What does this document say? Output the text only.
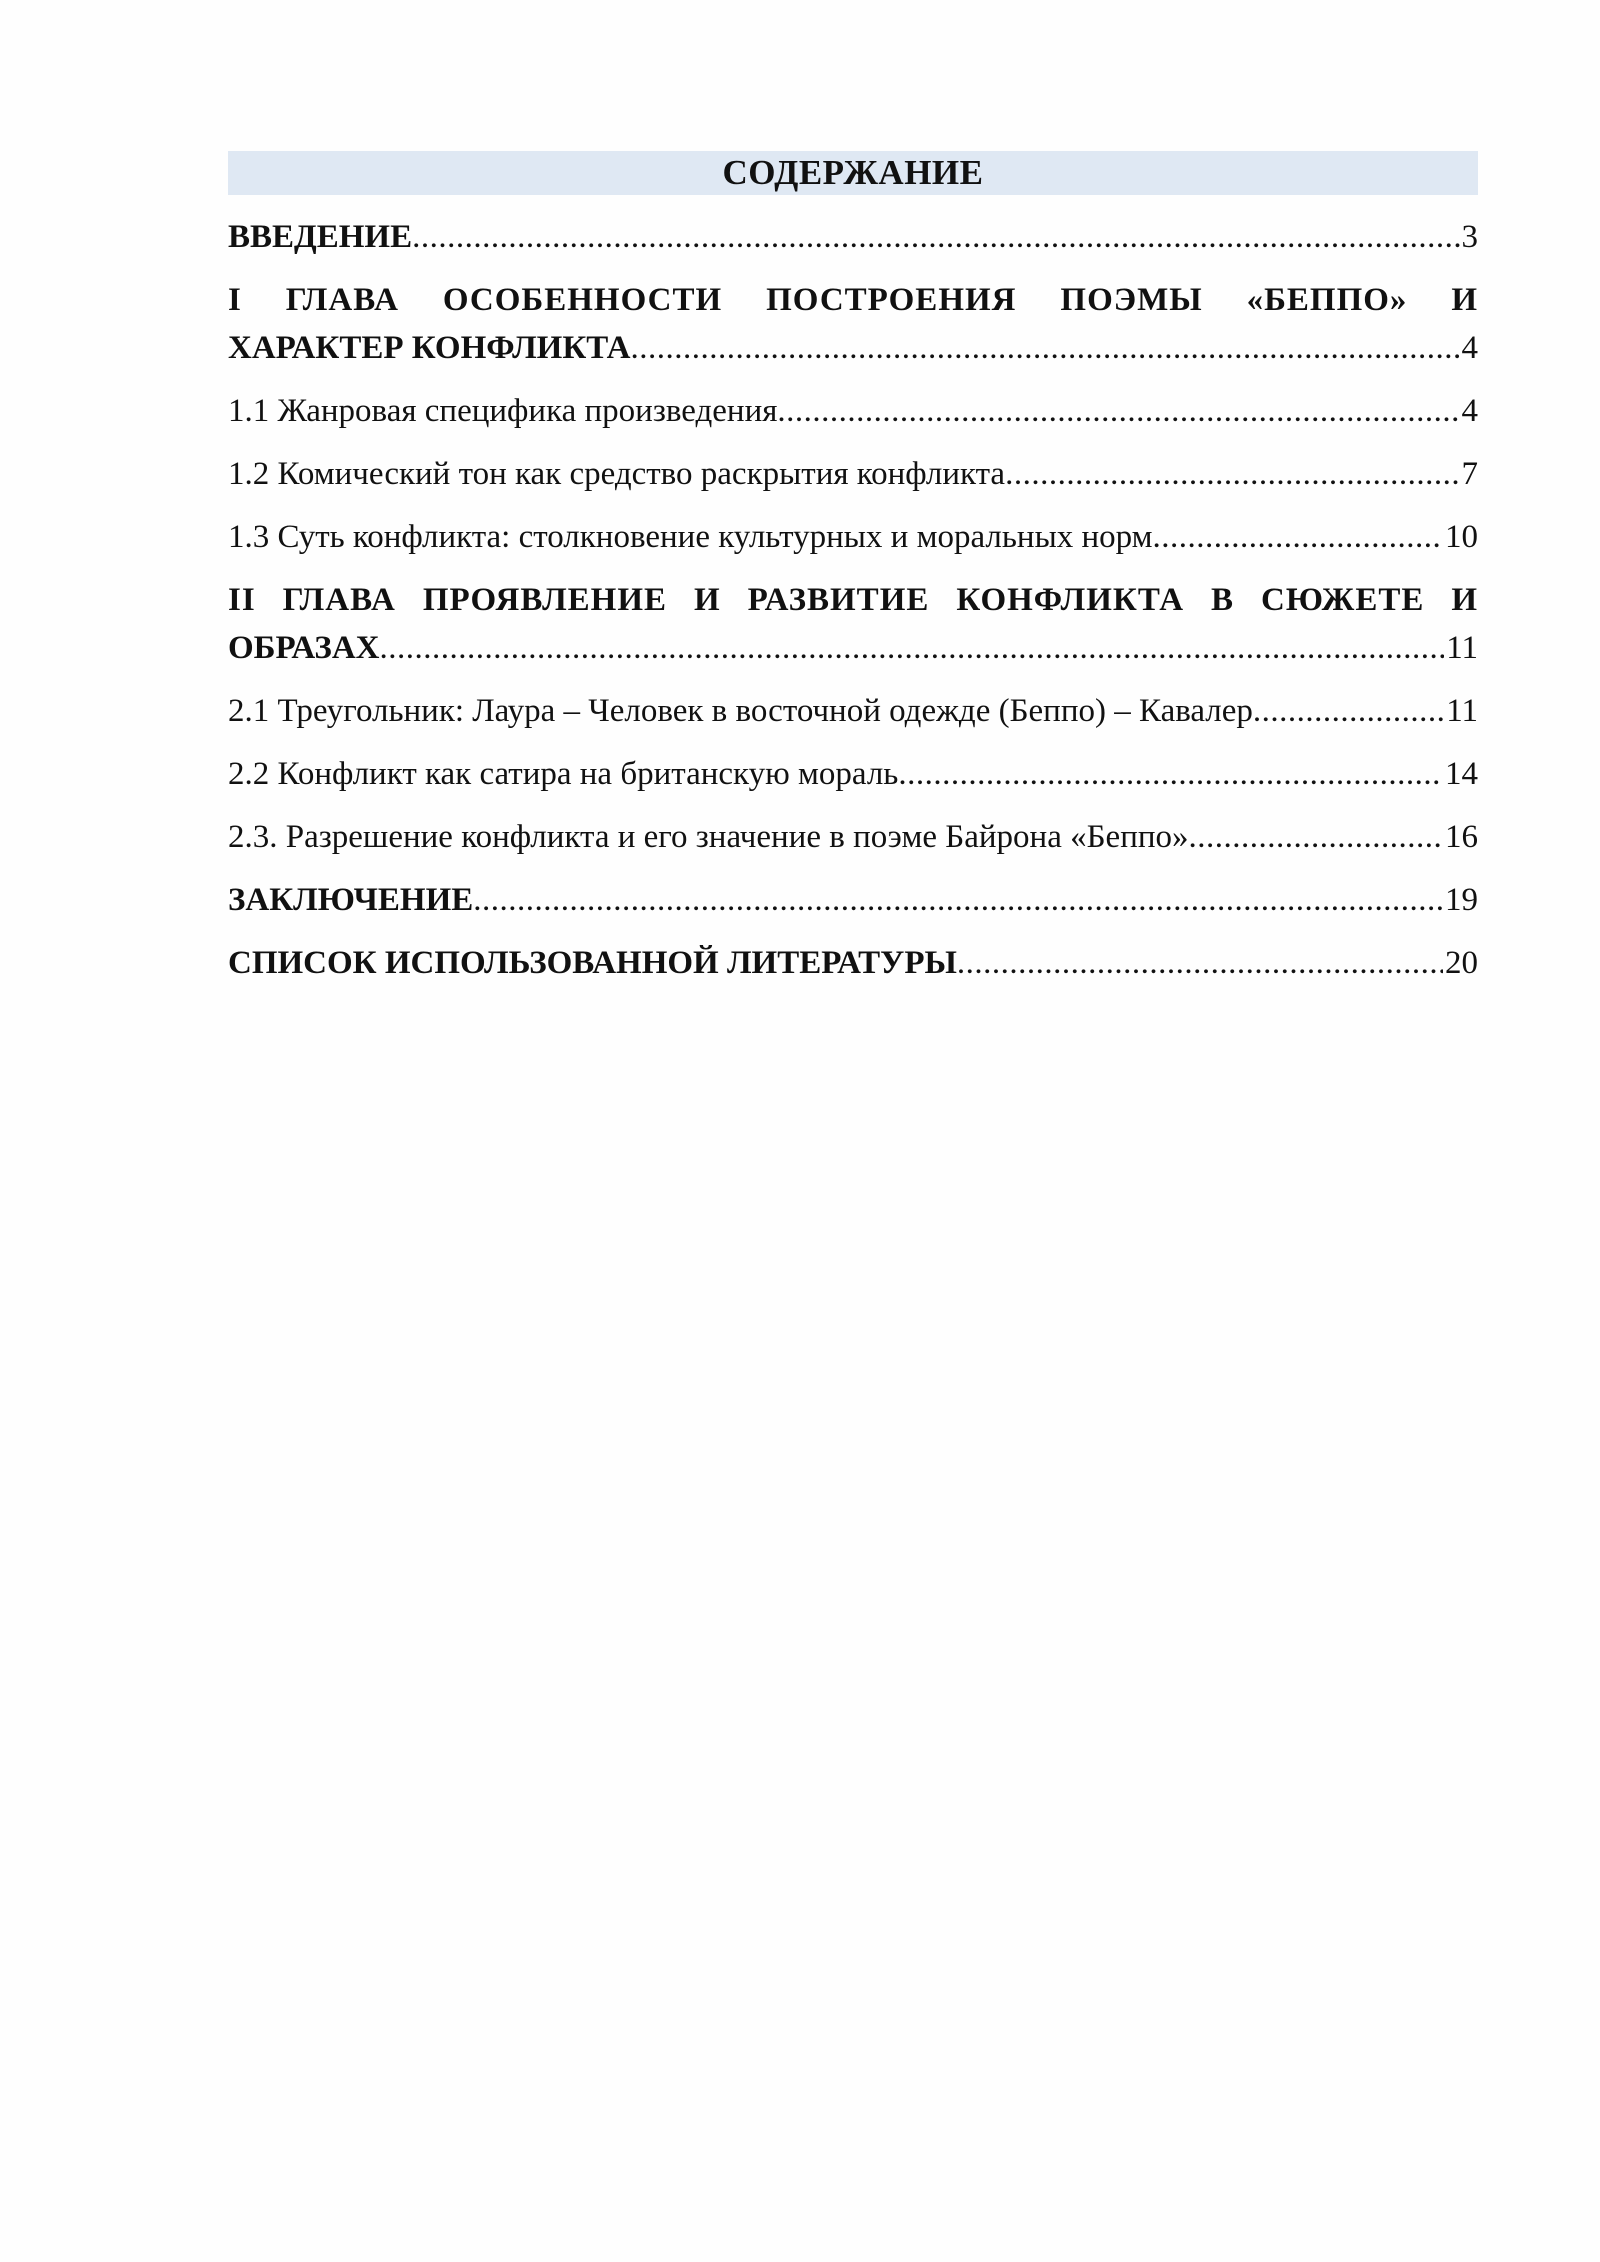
СОДЕРЖАНИЕ
ВВЕДЕНИЕ .....	3
I ГЛАВА ОСОБЕННОСТИ ПОСТРОЕНИЯ ПОЭМЫ «БЕППО» И
ХАРАКТЕР КОНФЛИКТА .....	4
1.1 Жанровая специфика произведения .....	4
1.2 Комический тон как средство раскрытия конфликта .....	7
1.3 Суть конфликта: столкновение культурных и моральных норм .....	10
II ГЛАВА ПРОЯВЛЕНИЕ И РАЗВИТИЕ КОНФЛИКТА В СЮЖЕТЕ И
ОБРАЗАХ .....	11
2.1 Треугольник: Лаура – Человек в восточной одежде (Беппо) – Кавалер .....	11
2.2 Конфликт как сатира на британскую мораль .....	14
2.3. Разрешение конфликта и его значение в поэме Байрона «Беппо» .....	16
ЗАКЛЮЧЕНИЕ .....	19
СПИСОК ИСПОЛЬЗОВАННОЙ ЛИТЕРАТУРЫ .....	20
